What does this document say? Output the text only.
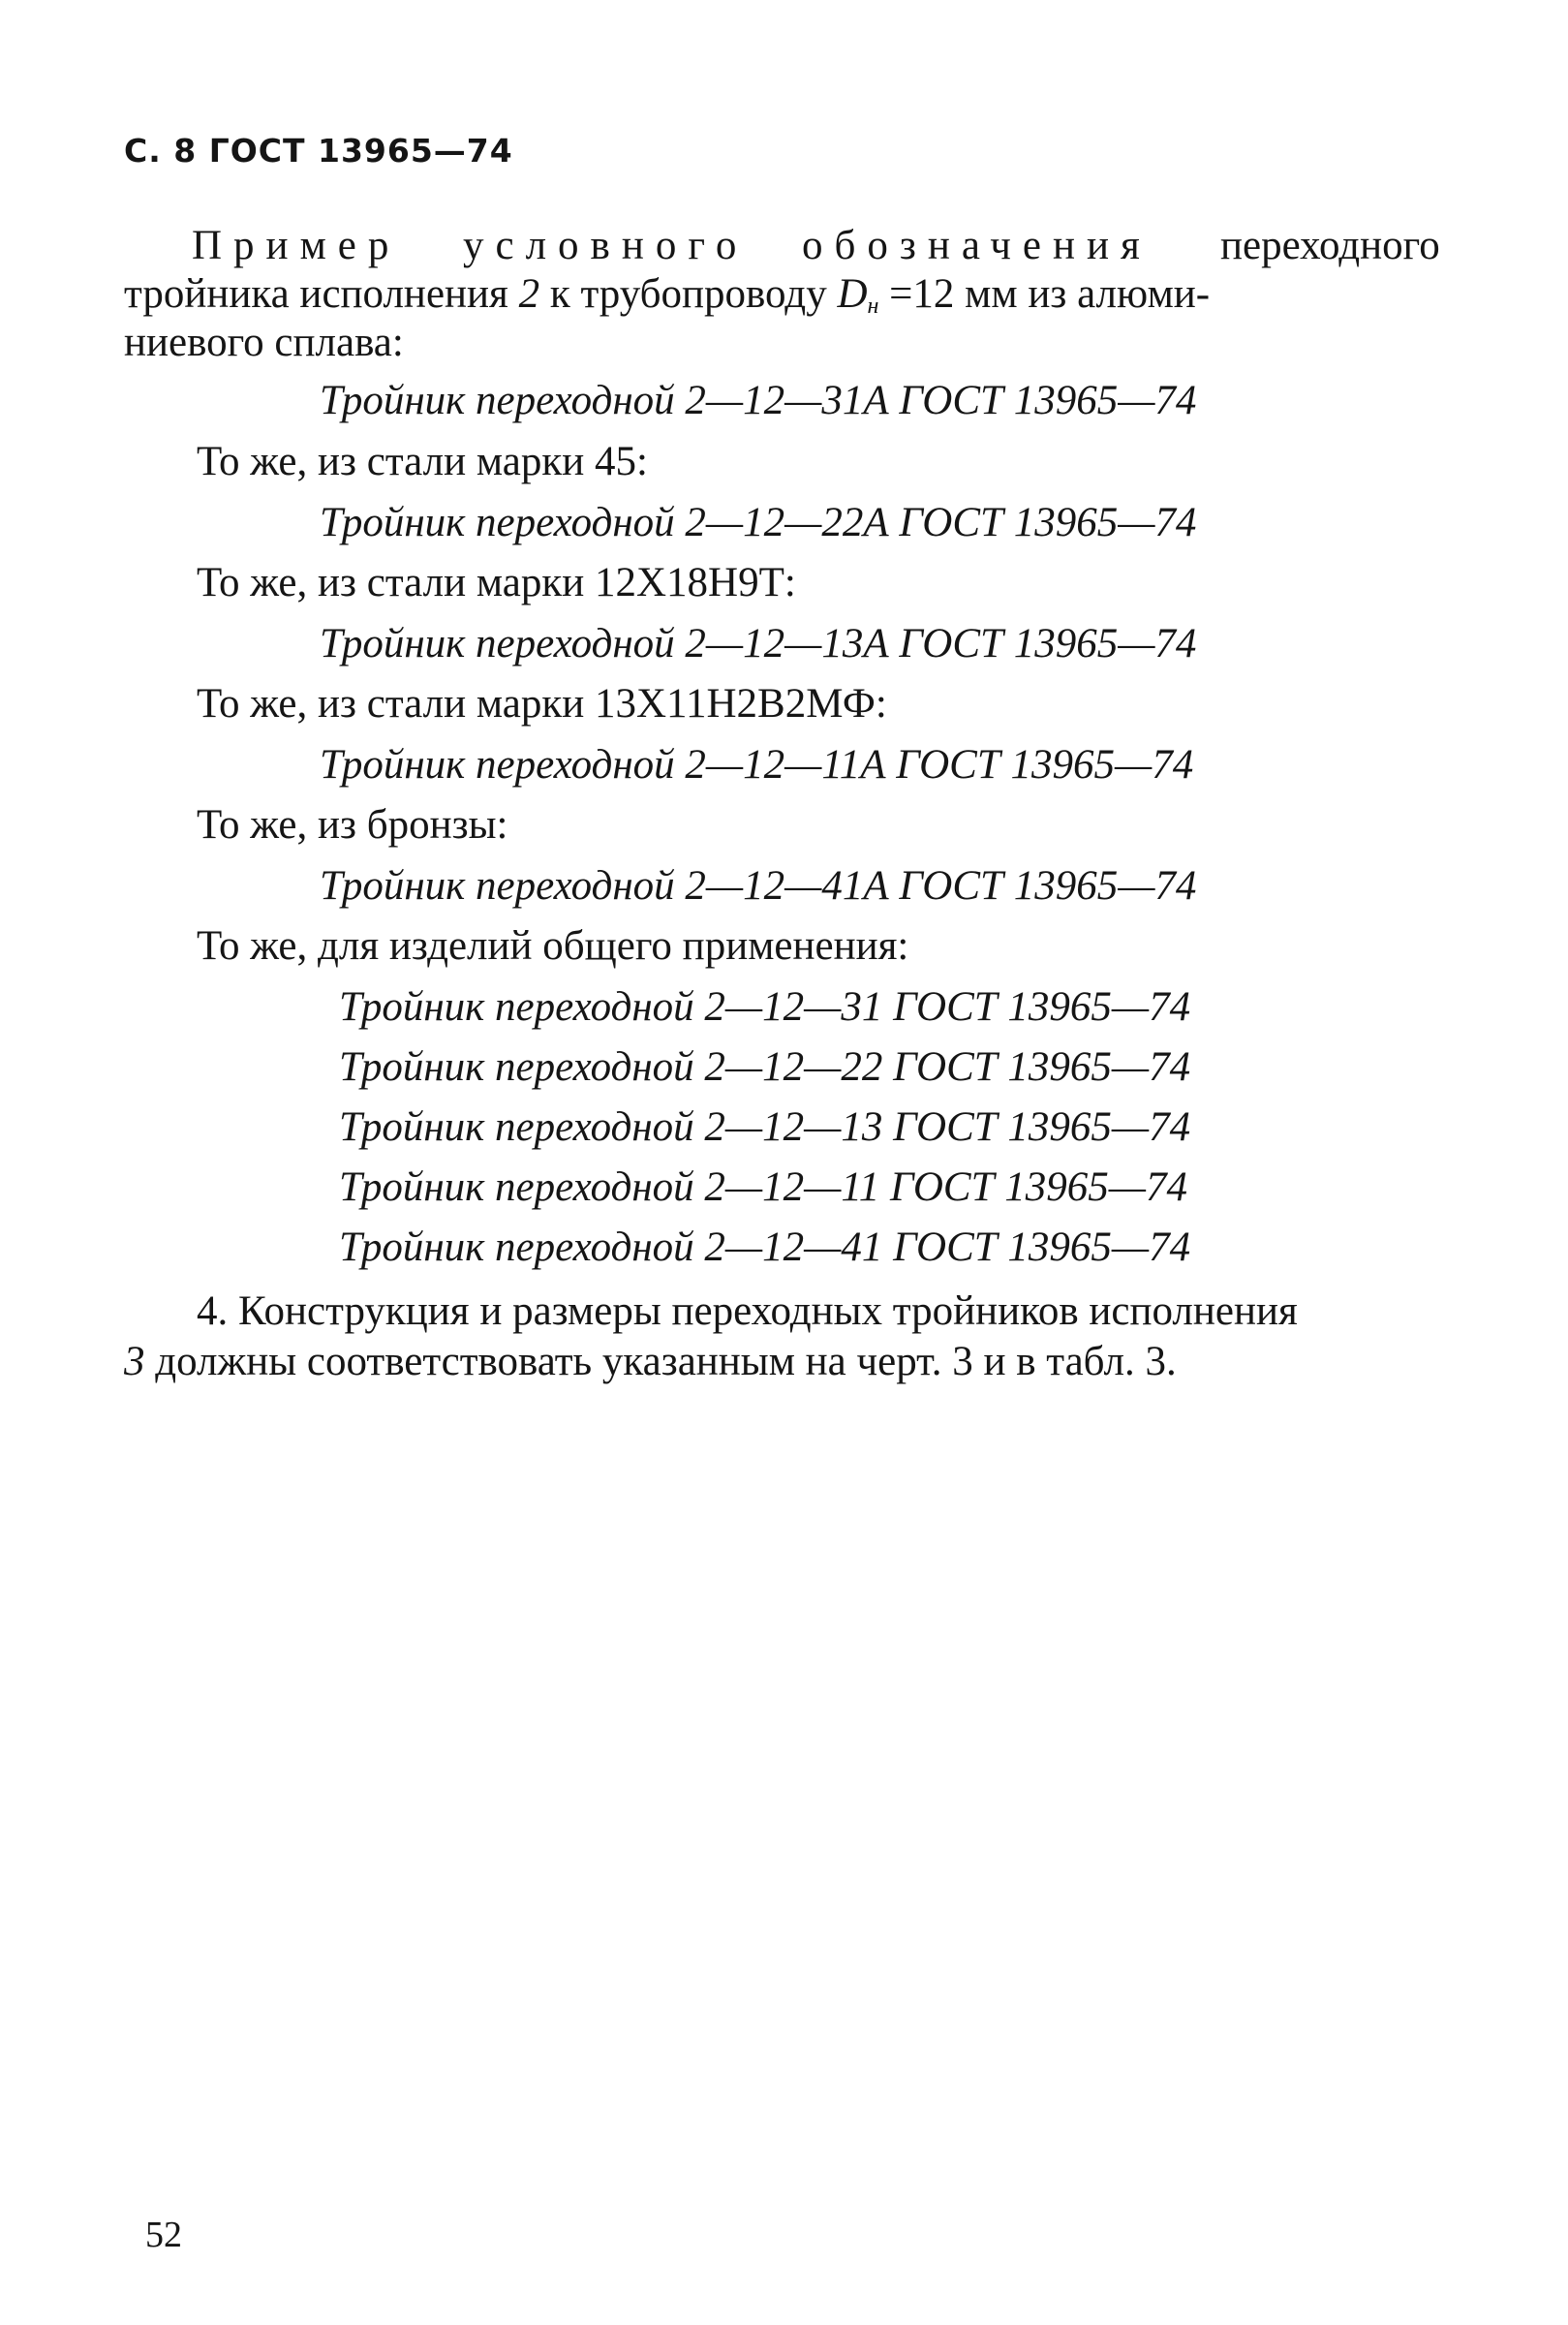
С. 8 ГОСТ 13965—74
Пример условного обозначения переходного
тройника исполнения 2 к трубопроводу $D_н =12$ мм из алюми-
ниевого сплава:
Тройник переходной 2—12—31А ГОСТ 13965—74
То же, из стали марки 45:
Тройник переходной 2—12—22А ГОСТ 13965—74
То же, из стали марки 12Х18Н9Т:
Тройник переходной 2—12—13А ГОСТ 13965—74
То же, из стали марки 13Х11Н2В2МФ:
Тройник переходной 2—12—11А ГОСТ 13965—74
То же, из бронзы:
Тройник переходной 2—12—41А ГОСТ 13965—74
То же, для изделий общего применения:
Тройник переходной 2—12—31 ГОСТ 13965—74
Тройник переходной 2—12—22 ГОСТ 13965—74
Тройник переходной 2—12—13 ГОСТ 13965—74
Тройник переходной 2—12—11 ГОСТ 13965—74
Тройник переходной 2—12—41 ГОСТ 13965—74
4. Конструкция и размеры переходных тройников исполнения
3 должны соответствовать указанным на черт. 3 и в табл. 3.
52
